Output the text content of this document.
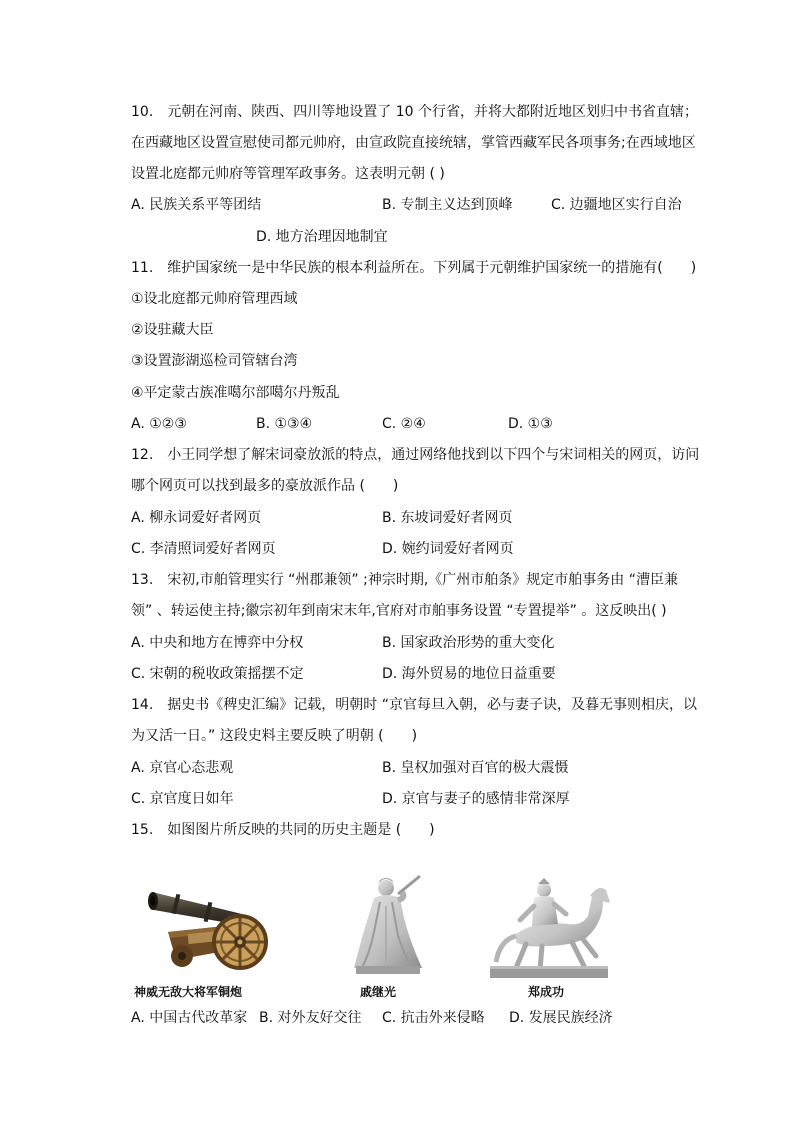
10.　元朝在河南、陕西、四川等地设置了 10 个行省，并将大都附近地区划归中书省直辖；
在西藏地区设置宣慰使司都元帅府，由宣政院直接统辖，掌管西藏军民各项事务;在西域地区
设置北庭都元帅府等管理军政事务。这表明元朝 ( )
A. 民族关系平等团结	B. 专制主义达到顶峰	C. 边疆地区实行自治
D. 地方治理因地制宜
11.　维护国家统一是中华民族的根本利益所在。下列属于元朝维护国家统一的措施有(　　)
①设北庭都元帅府管理西域
②设驻藏大臣
③设置澎湖巡检司管辖台湾
④平定蒙古族准噶尔部噶尔丹叛乱
A. ①②③	B. ①③④	C. ②④	D. ①③
12.　小王同学想了解宋词豪放派的特点，通过网络他找到以下四个与宋词相关的网页，访问
哪个网页可以找到最多的豪放派作品 (　　)
A. 柳永词爱好者网页	B. 东坡词爱好者网页
C. 李清照词爱好者网页	D. 婉约词爱好者网页
13.　宋初,市舶管理实行 “州郡兼领” ;神宗时期,《广州市舶条》规定市舶事务由 “漕臣兼
领” 、转运使主持;徽宗初年到南宋末年,官府对市舶事务设置 “专置提举” 。这反映出( )
A. 中央和地方在博弈中分权	B. 国家政治形势的重大变化
C. 宋朝的税收政策摇摆不定	D. 海外贸易的地位日益重要
14.　据史书《稗史汇编》记载，明朝时 “京官每旦入朝，必与妻子诀，及暮无事则相庆，以
为又活一日。” 这段史料主要反映了明朝 (　　)
A. 京官心态悲观	B. 皇权加强对百官的极大震慑
C. 京官度日如年	D. 京官与妻子的感情非常深厚
15.　如图图片所反映的共同的历史主题是 (　　)
神威无敌大将军铜炮	戚继光	郑成功
A. 中国古代改革家 B. 对外友好交往 C. 抗击外来侵略 D. 发展民族经济
